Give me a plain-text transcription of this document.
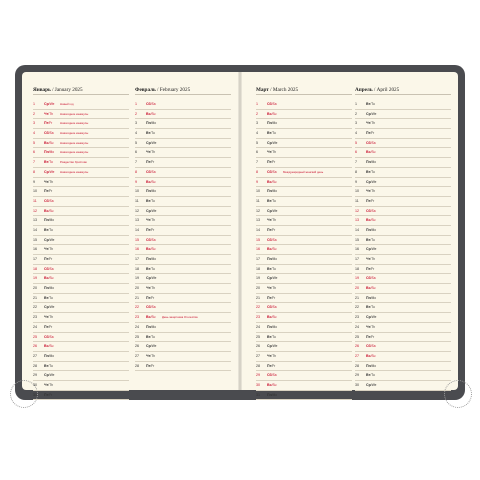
Январь / January 2025
1	Ср/We Новый год
2	Чт/Th	Новогодние каникулы
3	Пт/Fr	Новогодние каникулы
4	Сб/Sa Новогодние каникулы
5	Вс/Su Новогодние каникулы
6	Пн/Mo Новогодние каникулы
7	Вт/Tu	Рождество Христово
8	Ср/We Новогодние каникулы
9	Чт/Th
10	Пт/Fr
11	Сб/Sa
12	Вс/Su
13	Пн/Mo
14	Вт/Tu
15	Ср/We
16	Чт/Th
17	Пт/Fr
18	Сб/Sa
19	Вс/Su
20	Пн/Mo
21	Вт/Tu
22	Ср/We
23	Чт/Th
24	Пт/Fr
25	Сб/Sa
26	Вс/Su
27	Пн/Mo
28	Вт/Tu
29	Ср/We
30	Чт/Th
31	Пт/Fr
Февраль / February 2025
1	Сб/Sa
2	Вс/Su
3	Пн/Mo
4	Вт/Tu
5	Ср/We
6	Чт/Th
7	Пт/Fr
8	Сб/Sa
9	Вс/Su
10	Пн/Mo
11	Вт/Tu
12	Ср/We
13	Чт/Th
14	Пт/Fr
15	Сб/Sa
16	Вс/Su
17	Пн/Mo
18	Вт/Tu
19	Ср/We
20	Чт/Th
21	Пт/Fr
22	Сб/Sa
23	Вс/Su День защитника Отечества
24	Пн/Mo
25	Вт/Tu
26	Ср/We
27	Чт/Th
28	Пт/Fr
Март / March 2025
1	Сб/Sa
2	Вс/Su
3	Пн/Mo
4	Вт/Tu
5	Ср/We
6	Чт/Th
7	Пт/Fr
8	Сб/Sa Международный женский день
9	Вс/Su
10	Пн/Mo
11	Вт/Tu
12	Ср/We
13	Чт/Th
14	Пт/Fr
15	Сб/Sa
16	Вс/Su
17	Пн/Mo
18	Вт/Tu
19	Ср/We
20	Чт/Th
21	Пт/Fr
22	Сб/Sa
23	Вс/Su
24	Пн/Mo
25	Вт/Tu
26	Ср/We
27	Чт/Th
28	Пт/Fr
29	Сб/Sa
30	Вс/Su
31	Пн/Mo
Апрель / April 2025
1	Вт/Tu
2	Ср/We
3	Чт/Th
4	Пт/Fr
5	Сб/Sa
6	Вс/Su
7	Пн/Mo
8	Вт/Tu
9	Ср/We
10	Чт/Th
11	Пт/Fr
12	Сб/Sa
13	Вс/Su
14	Пн/Mo
15	Вт/Tu
16	Ср/We
17	Чт/Th
18	Пт/Fr
19	Сб/Sa
20	Вс/Su
21	Пн/Mo
22	Вт/Tu
23	Ср/We
24	Чт/Th
25	Пт/Fr
26	Сб/Sa
27	Вс/Su
28	Пн/Mo
29	Вт/Tu
30	Ср/We
